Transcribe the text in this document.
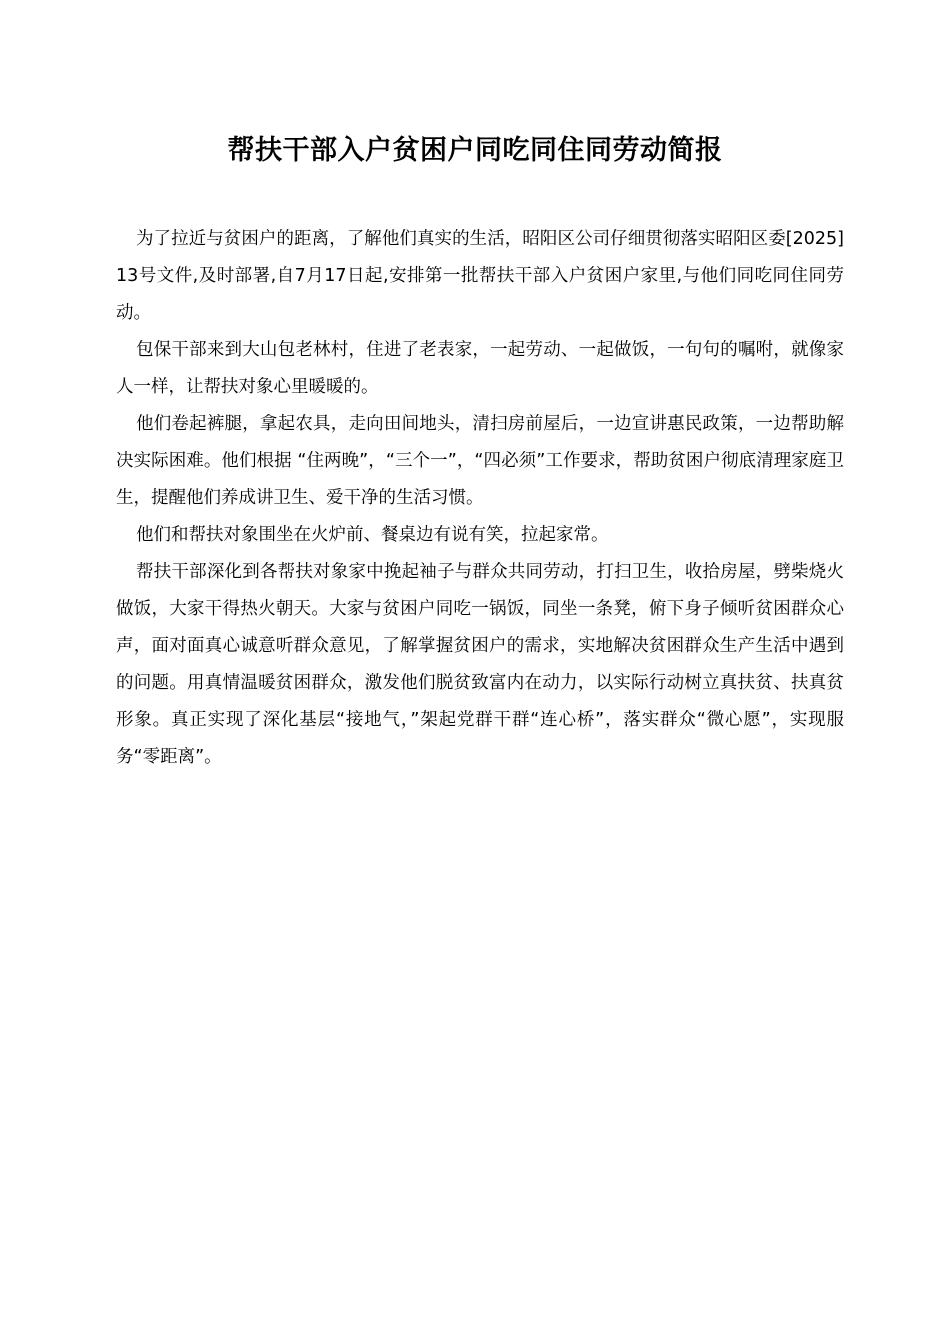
帮扶干部入户贫困户同吃同住同劳动简报

为了拉近与贫困户的距离，了解他们真实的生活，昭阳区公司仔细贯彻落实昭阳区委[2025]13号文件,及时部署,自7月17日起,安排第一批帮扶干部入户贫困户家里,与他们同吃同住同劳动。

包保干部来到大山包老林村，住进了老表家，一起劳动、一起做饭，一句句的嘱咐，就像家人一样，让帮扶对象心里暖暖的。

他们卷起裤腿，拿起农具，走向田间地头，清扫房前屋后，一边宣讲惠民政策，一边帮助解决实际困难。他们根据 “住两晚”，“三个一”，“四必须”工作要求，帮助贫困户彻底清理家庭卫生，提醒他们养成讲卫生、爱干净的生活习惯。

他们和帮扶对象围坐在火炉前、餐桌边有说有笑，拉起家常。

帮扶干部深化到各帮扶对象家中挽起袖子与群众共同劳动，打扫卫生，收拾房屋，劈柴烧火做饭，大家干得热火朝天。大家与贫困户同吃一锅饭，同坐一条凳，俯下身子倾听贫困群众心声，面对面真心诚意听群众意见，了解掌握贫困户的需求，实地解决贫困群众生产生活中遇到的问题。用真情温暖贫困群众，激发他们脱贫致富内在动力，以实际行动树立真扶贫、扶真贫形象。真正实现了深化基层“接地气，”架起党群干群“连心桥”，落实群众“微心愿”，实现服务“零距离”。
